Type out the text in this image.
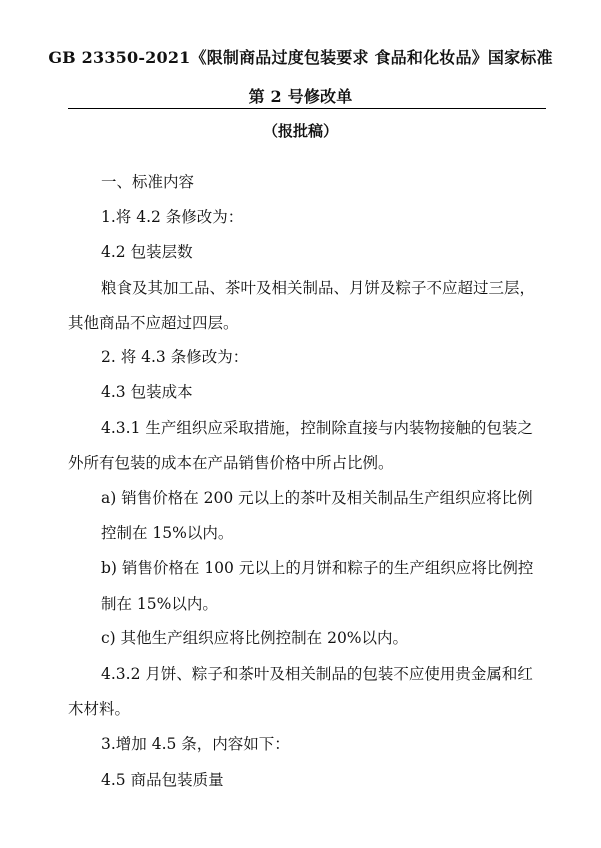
GB 23350-2021《限制商品过度包装要求 食品和化妆品》国家标准
第 2 号修改单
（报批稿）
一、标准内容
1.将 4.2 条修改为：
4.2 包装层数
粮食及其加工品、茶叶及相关制品、月饼及粽子不应超过三层，
其他商品不应超过四层。
2. 将 4.3 条修改为：
4.3 包装成本
4.3.1 生产组织应采取措施，控制除直接与内装物接触的包装之
外所有包装的成本在产品销售价格中所占比例。
a) 销售价格在 200 元以上的茶叶及相关制品生产组织应将比例
控制在 15%以内。
b) 销售价格在 100 元以上的月饼和粽子的生产组织应将比例控
制在 15%以内。
c) 其他生产组织应将比例控制在 20%以内。
4.3.2 月饼、粽子和茶叶及相关制品的包装不应使用贵金属和红
木材料。
3.增加 4.5 条，内容如下：
4.5 商品包装质量
